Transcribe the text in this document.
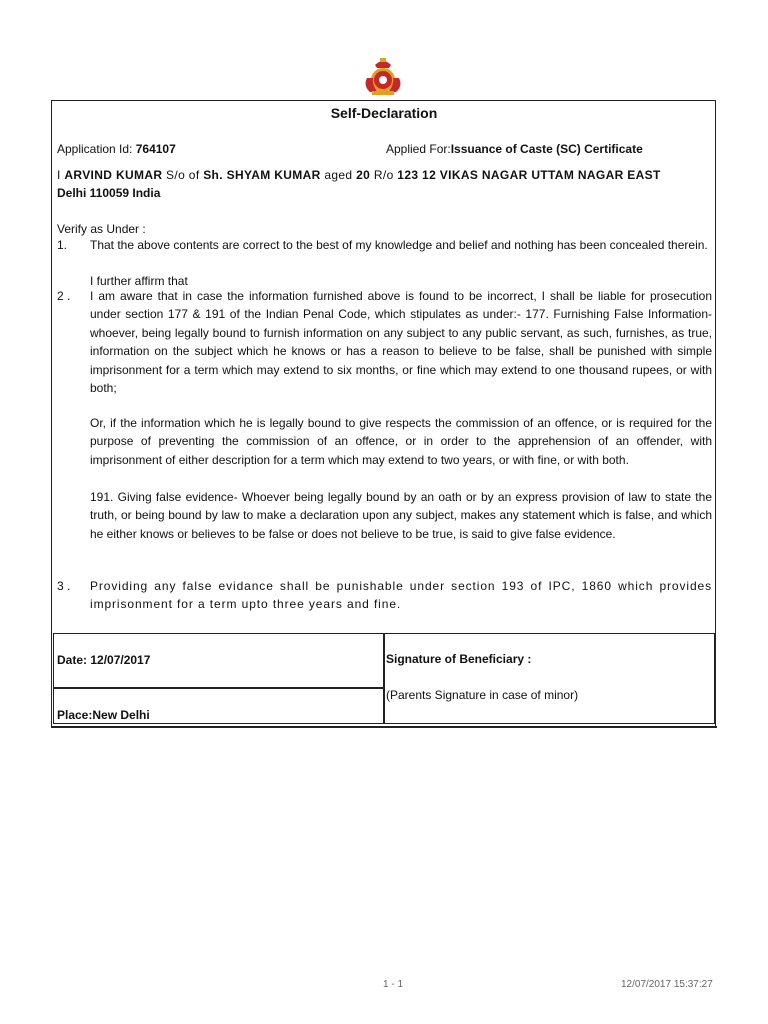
Self-Declaration
Application Id: 764107	Applied For:Issuance of Caste (SC) Certificate
I ARVIND KUMAR S/o of Sh. SHYAM KUMAR aged 20 R/o 123 12 VIKAS NAGAR UTTAM NAGAR EAST
Delhi 110059 India
Verify as Under :
1. That the above contents are correct to the best of my knowledge and belief and nothing has been concealed therein.
I further affirm that
2 . I am aware that in case the information furnished above is found to be incorrect, I shall be liable for prosecution under section 177 & 191 of the Indian Penal Code, which stipulates as under:- 177. Furnishing False Information- whoever, being legally bound to furnish information on any subject to any public servant, as such, furnishes, as true, information on the subject which he knows or has a reason to believe to be false, shall be punished with simple imprisonment for a term which may extend to six months, or fine which may extend to one thousand rupees, or with both;
Or, if the information which he is legally bound to give respects the commission of an offence, or is required for the purpose of preventing the commission of an offence, or in order to the apprehension of an offender, with imprisonment of either description for a term which may extend to two years, or with fine, or with both.
191. Giving false evidence- Whoever being legally bound by an oath or by an express provision of law to state the truth, or being bound by law to make a declaration upon any subject, makes any statement which is false, and which he either knows or believes to be false or does not believe to be true, is said to give false evidence.
3 . Providing any false evidance shall be punishable under section 193 of IPC, 1860 which provides imprisonment for a term upto three years and fine.
Date: 12/07/2017
Place:New Delhi
Signature of Beneficiary :
(Parents Signature in case of minor)
1 - 1	12/07/2017 15:37:27
